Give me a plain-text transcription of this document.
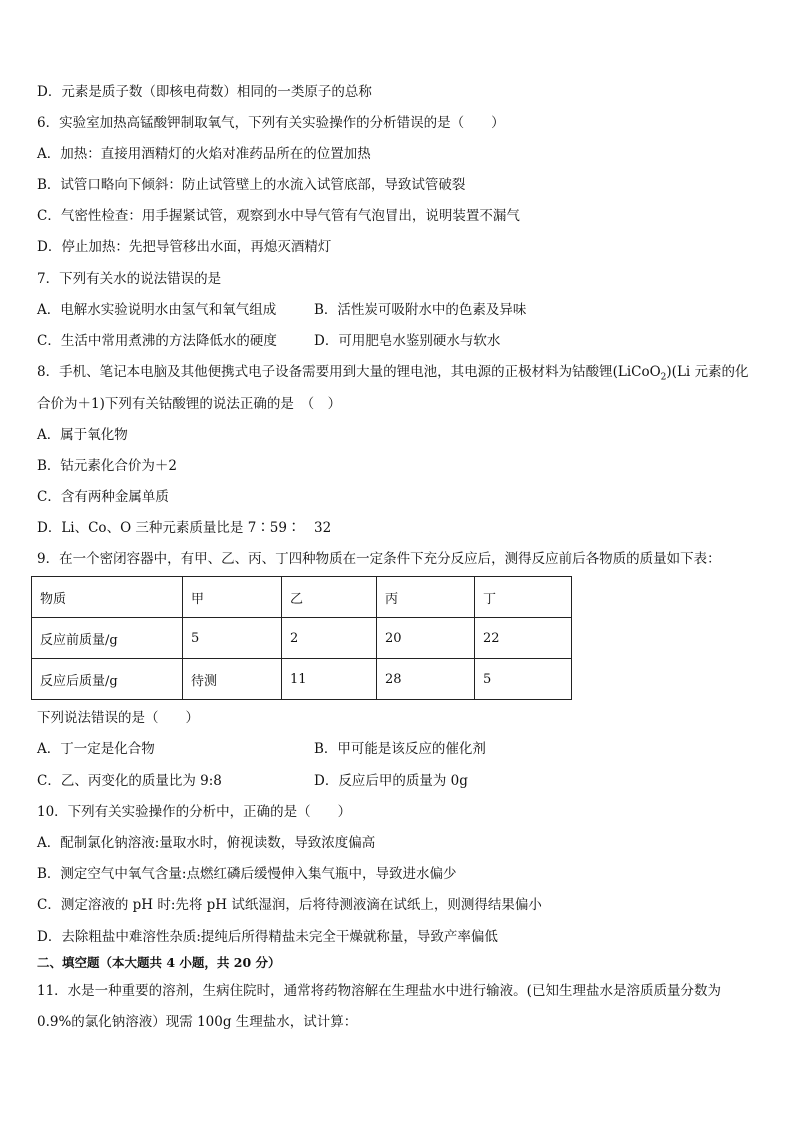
D．元素是质子数（即核电荷数）相同的一类原子的总称
6．实验室加热高锰酸钾制取氧气，下列有关实验操作的分析错误的是（　　）
A．加热：直接用酒精灯的火焰对准药品所在的位置加热
B．试管口略向下倾斜：防止试管壁上的水流入试管底部，导致试管破裂
C．气密性检查：用手握紧试管，观察到水中导气管有气泡冒出，说明装置不漏气
D．停止加热：先把导管移出水面，再熄灭酒精灯
7．下列有关水的说法错误的是
A．电解水实验说明水由氢气和氧气组成	B．活性炭可吸附水中的色素及异味
C．生活中常用煮沸的方法降低水的硬度	D．可用肥皂水鉴别硬水与软水
8．手机、笔记本电脑及其他便携式电子设备需要用到大量的锂电池，其电源的正极材料为钴酸锂(LiCoO$_2$)(Li 元素的化
合价为＋1)下列有关钴酸锂的说法正确的是　（　）
A．属于氧化物
B．钴元素化合价为＋2
C．含有两种金属单质
D．Li、Co、O 三种元素质量比是 7∶59∶　32
9．在一个密闭容器中，有甲、乙、丙、丁四种物质在一定条件下充分反应后，测得反应前后各物质的质量如下表：
物质	甲	乙	丙	丁
反应前质量/g	5	2	20	22
反应后质量/g	待测	11	28	5
下列说法错误的是（　　）
A．丁一定是化合物	B．甲可能是该反应的催化剂
C．乙、丙变化的质量比为 9:8	D．反应后甲的质量为 0g
10．下列有关实验操作的分析中，正确的是（　　）
A．配制氯化钠溶液:量取水时，俯视读数，导致浓度偏高
B．测定空气中氧气含量:点燃红磷后缓慢伸入集气瓶中，导致进水偏少
C．测定溶液的 pH 时:先将 pH 试纸湿润，后将待测液滴在试纸上，则测得结果偏小
D．去除粗盐中难溶性杂质:提纯后所得精盐未完全干燥就称量，导致产率偏低
二、填空题（本大题共 4 小题，共 20 分）
11．水是一种重要的溶剂，生病住院时，通常将药物溶解在生理盐水中进行输液。(已知生理盐水是溶质质量分数为
0.9%的氯化钠溶液）现需 100g 生理盐水，试计算：
